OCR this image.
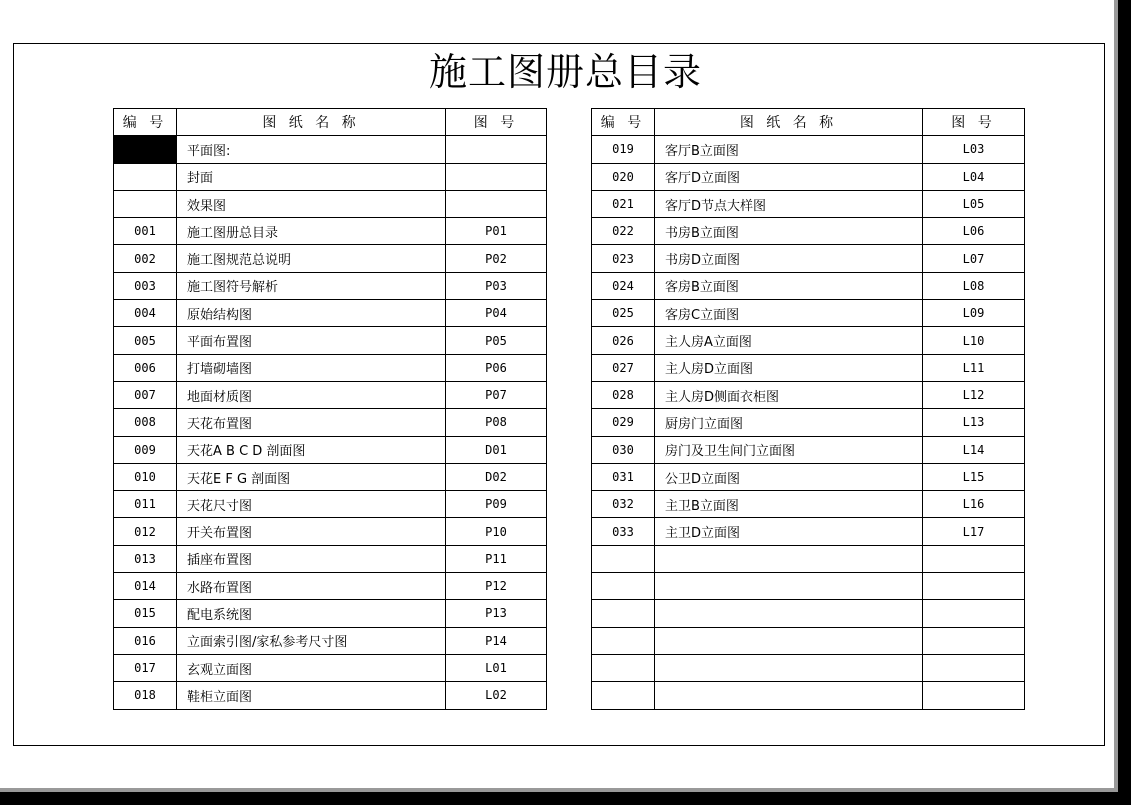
施工图册总目录
编 号	图 纸 名 称	图 号
	平面图:	
	封面	
	效果图	
001	施工图册总目录	P01
002	施工图规范总说明	P02
003	施工图符号解析	P03
004	原始结构图	P04
005	平面布置图	P05
006	打墙砌墙图	P06
007	地面材质图	P07
008	天花布置图	P08
009	天花A B C D 剖面图	D01
010	天花E F G 剖面图	D02
011	天花尺寸图	P09
012	开关布置图	P10
013	插座布置图	P11
014	水路布置图	P12
015	配电系统图	P13
016	立面索引图/家私参考尺寸图	P14
017	玄观立面图	L01
018	鞋柜立面图	L02
编 号	图 纸 名 称	图 号
019	客厅B立面图	L03
020	客厅D立面图	L04
021	客厅D节点大样图	L05
022	书房B立面图	L06
023	书房D立面图	L07
024	客房B立面图	L08
025	客房C立面图	L09
026	主人房A立面图	L10
027	主人房D立面图	L11
028	主人房D侧面衣柜图	L12
029	厨房门立面图	L13
030	房门及卫生间门立面图	L14
031	公卫D立面图	L15
032	主卫B立面图	L16
033	主卫D立面图	L17
